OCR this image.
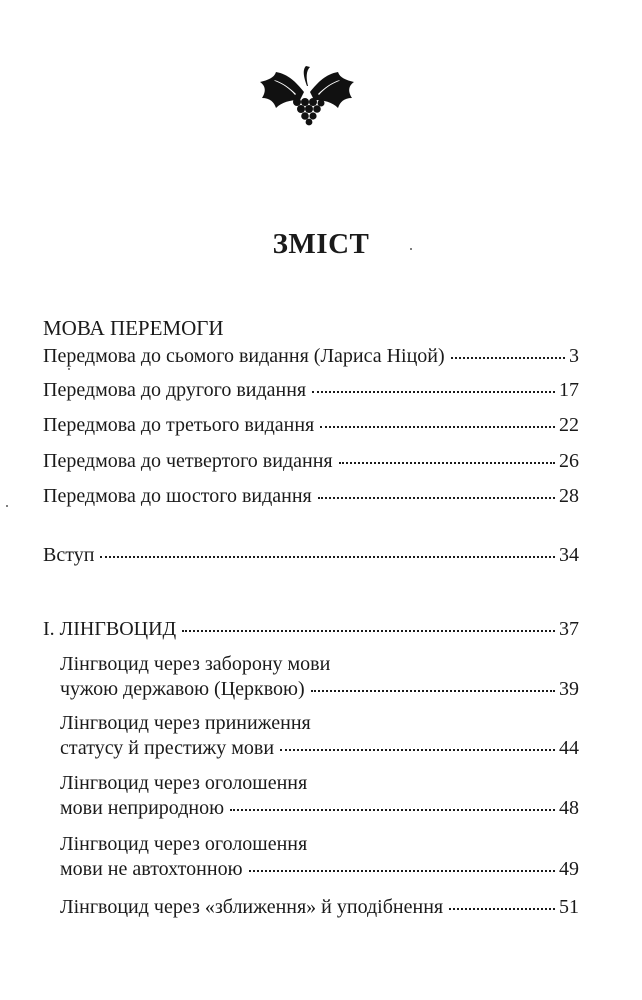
ЗМІСТ
МОВА ПЕРЕМОГИ
Передмова до сьомого видання (Лариса Ніцой)	3
Передмова до другого видання	17
Передмова до третього видання	22
Передмова до четвертого видання	26
Передмова до шостого видання	28
Вступ	34
І. ЛІНГВОЦИД	37
Лінгвоцид через заборону мови
чужою державою (Церквою)	39
Лінгвоцид через приниження
статусу й престижу мови	44
Лінгвоцид через оголошення
мови неприродною	48
Лінгвоцид через оголошення
мови не автохтонною	49
Лінгвоцид через «зближення» й уподібнення	51
